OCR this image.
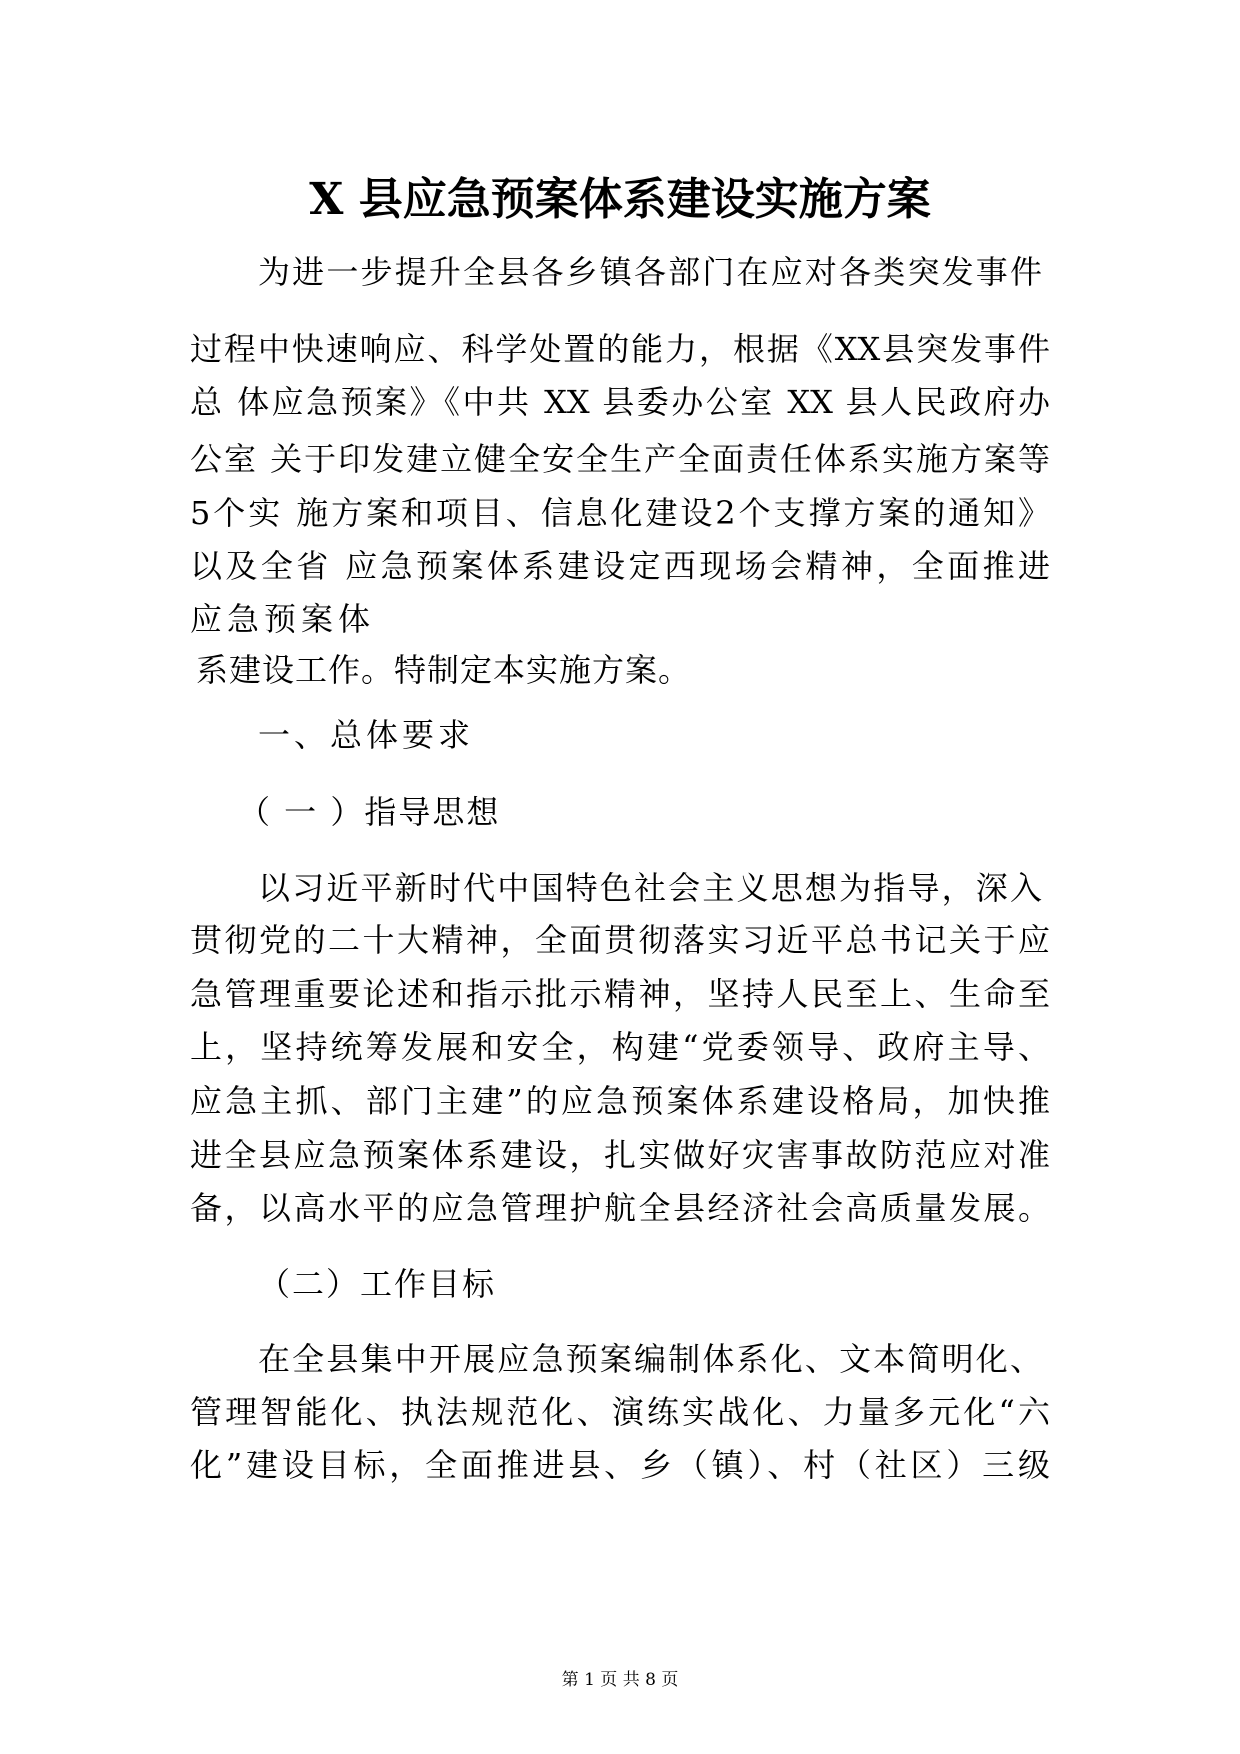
X 县应急预案体系建设实施方案
为进一步提升全县各乡镇各部门在应对各类突发事件
过程中快速响应、科学处置的能力，根据《XX县突发事件
总 体应急预案》《中共 XX 县委办公室 XX 县人民政府办
公室 关于印发建立健全安全生产全面责任体系实施方案等
5个实 施方案和项目、信息化建设2个支撑方案的通知》
以及全省 应急预案体系建设定西现场会精神，全面推进
应急预案体
系建设工作。特制定本实施方案。
一、总体要求
（ 一 ）指导思想
以习近平新时代中国特色社会主义思想为指导，深入
贯彻党的二十大精神，全面贯彻落实习近平总书记关于应
急管理重要论述和指示批示精神，坚持人民至上、生命至
上，坚持统筹发展和安全，构建“党委领导、政府主导、
应急主抓、部门主建”的应急预案体系建设格局，加快推
进全县应急预案体系建设，扎实做好灾害事故防范应对准
备，以高水平的应急管理护航全县经济社会高质量发展。
（二）工作目标
在全县集中开展应急预案编制体系化、文本简明化、
管理智能化、执法规范化、演练实战化、力量多元化“六
化”建设目标，全面推进县、乡（镇）、村（社区）三级
第 1 页 共 8 页
